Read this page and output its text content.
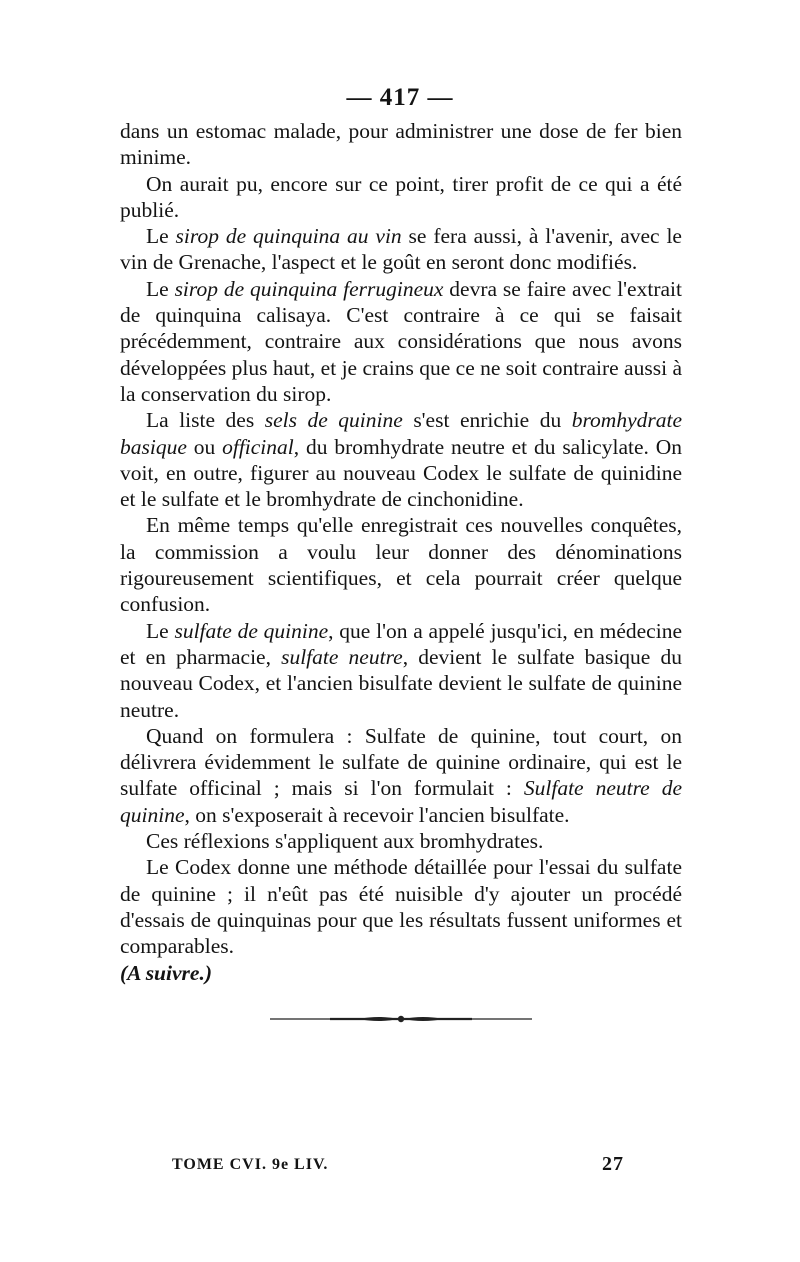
— 417 —

dans un estomac malade, pour administrer une dose de fer bien minime.

On aurait pu, encore sur ce point, tirer profit de ce qui a été publié.

Le sirop de quinquina au vin se fera aussi, à l'avenir, avec le vin de Grenache, l'aspect et le goût en seront donc modifiés.

Le sirop de quinquina ferrugineux devra se faire avec l'extrait de quinquina calisaya. C'est contraire à ce qui se faisait précédemment, contraire aux considérations que nous avons développées plus haut, et je crains que ce ne soit contraire aussi à la conservation du sirop.

La liste des sels de quinine s'est enrichie du bromhydrate basique ou officinal, du bromhydrate neutre et du salicylate. On voit, en outre, figurer au nouveau Codex le sulfate de quinidine et le sulfate et le bromhydrate de cinchonidine.

En même temps qu'elle enregistrait ces nouvelles conquêtes, la commission a voulu leur donner des dénominations rigoureusement scientifiques, et cela pourrait créer quelque confusion.

Le sulfate de quinine, que l'on a appelé jusqu'ici, en médecine et en pharmacie, sulfate neutre, devient le sulfate basique du nouveau Codex, et l'ancien bisulfate devient le sulfate de quinine neutre.

Quand on formulera : Sulfate de quinine, tout court, on délivrera évidemment le sulfate de quinine ordinaire, qui est le sulfate officinal ; mais si l'on formulait : Sulfate neutre de quinine, on s'exposerait à recevoir l'ancien bisulfate.

Ces réflexions s'appliquent aux bromhydrates.

Le Codex donne une méthode détaillée pour l'essai du sulfate de quinine ; il n'eût pas été nuisible d'y ajouter un procédé d'essais de quinquinas pour que les résultats fussent uniformes et comparables.

(A suivre.)

TOME CVI. 9e LIV.	27
